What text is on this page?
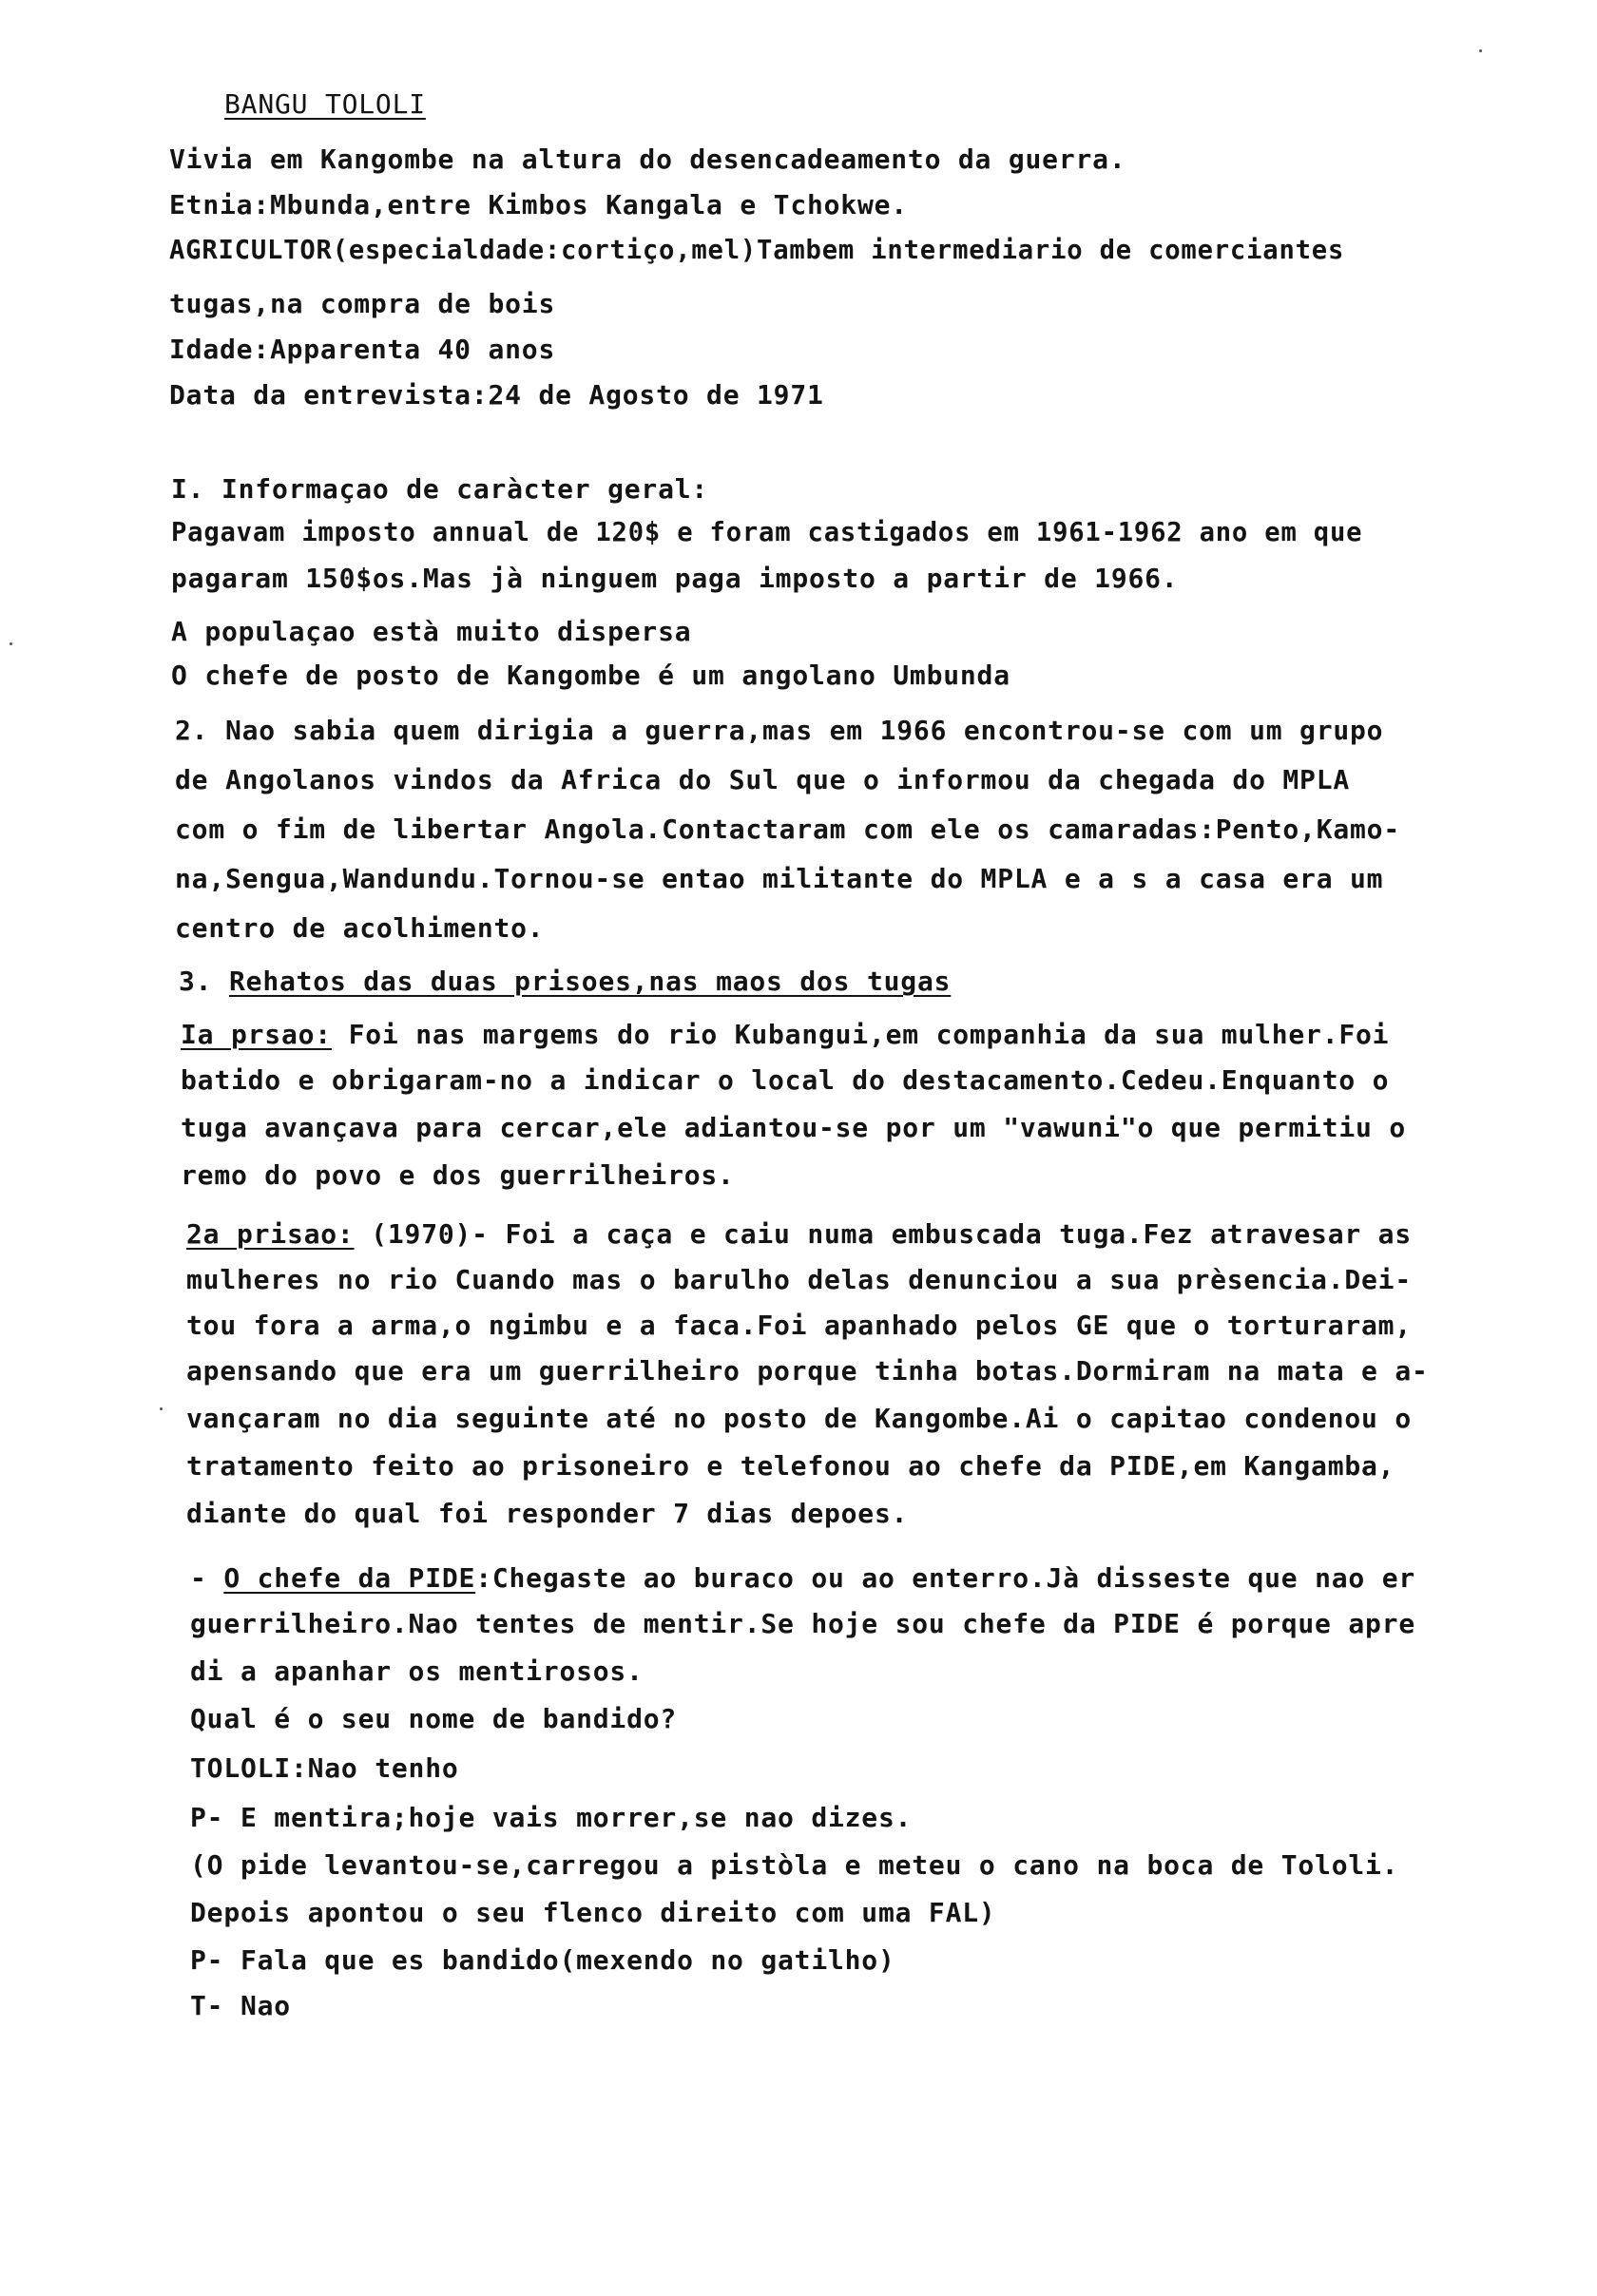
BANGU TOLOLI
Vivia em Kangombe na altura do desencadeamento da guerra.
Etnia:Mbunda,entre Kimbos Kangala e Tchokwe.
AGRICULTOR(especialdade:cortiço,mel)Tambem intermediario de comerciantes
tugas,na compra de bois
Idade:Apparenta 40 anos
Data da entrevista:24 de Agosto de 1971
I. Informaçao de caràcter geral:
Pagavam imposto annual de 120$ e foram castigados em 1961-1962 ano em que
pagaram 150$os.Mas jà ninguem paga imposto a partir de 1966.
A populaçao està muito dispersa
O chefe de posto de Kangombe é um angolano Umbunda
2. Nao sabia quem dirigia a guerra,mas em 1966 encontrou-se com um grupo
de Angolanos vindos da Africa do Sul que o informou da chegada do MPLA
com o fim de libertar Angola.Contactaram com ele os camaradas:Pento,Kamo-
na,Sengua,Wandundu.Tornou-se entao militante do MPLA e a s a casa era um
centro de acolhimento.
3. Rehatos das duas prisoes,nas maos dos tugas
Ia prsao: Foi nas margems do rio Kubangui,em companhia da sua mulher.Foi
batido e obrigaram-no a indicar o local do destacamento.Cedeu.Enquanto o
tuga avançava para cercar,ele adiantou-se por um "vawuni"o que permitiu o
remo do povo e dos guerrilheiros.
2a prisao: (1970)- Foi a caça e caiu numa embuscada tuga.Fez atravesar as
mulheres no rio Cuando mas o barulho delas denunciou a sua prèsencia.Dei-
tou fora a arma,o ngimbu e a faca.Foi apanhado pelos GE que o torturaram,
apensando que era um guerrilheiro porque tinha botas.Dormiram na mata e a-
vançaram no dia seguinte até no posto de Kangombe.Ai o capitao condenou o
tratamento feito ao prisoneiro e telefonou ao chefe da PIDE,em Kangamba,
diante do qual foi responder 7 dias depoes.
- O chefe da PIDE:Chegaste ao buraco ou ao enterro.Jà disseste que nao er
guerrilheiro.Nao tentes de mentir.Se hoje sou chefe da PIDE é porque apre
di a apanhar os mentirosos.
Qual é o seu nome de bandido?
TOLOLI:Nao tenho
P- E mentira;hoje vais morrer,se nao dizes.
(O pide levantou-se,carregou a pistòla e meteu o cano na boca de Tololi.
Depois apontou o seu flenco direito com uma FAL)
P- Fala que es bandido(mexendo no gatilho)
T- Nao
